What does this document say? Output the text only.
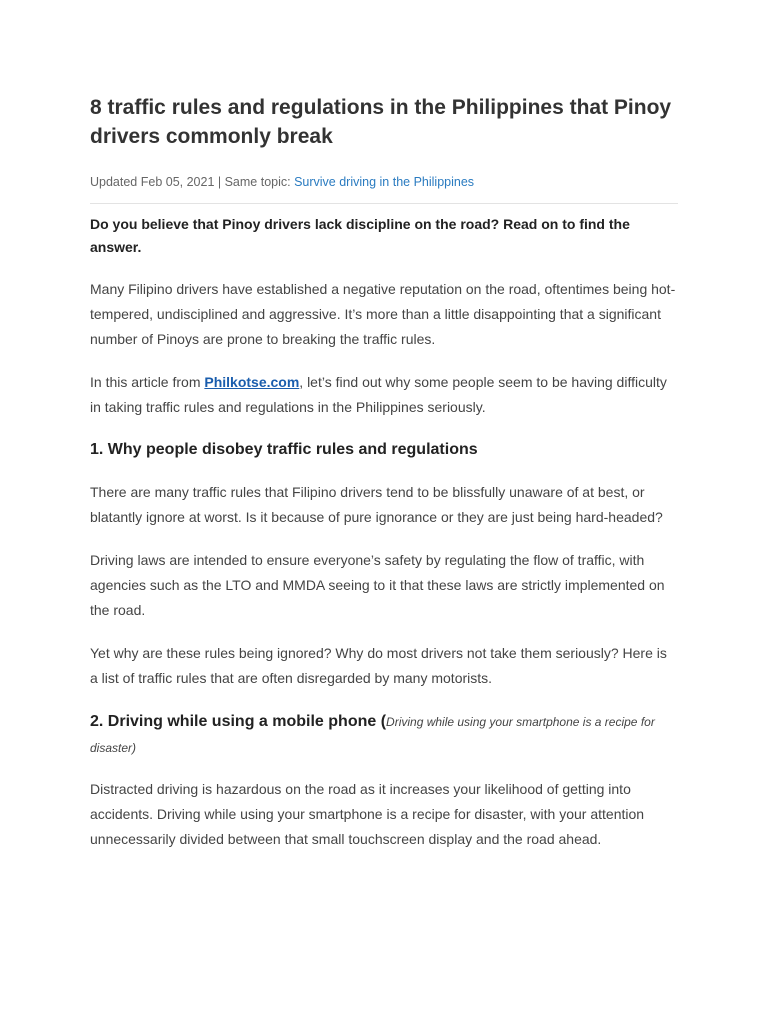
8 traffic rules and regulations in the Philippines that Pinoy drivers commonly break
Updated Feb 05, 2021 | Same topic: Survive driving in the Philippines

Do you believe that Pinoy drivers lack discipline on the road? Read on to find the answer.

Many Filipino drivers have established a negative reputation on the road, oftentimes being hot-tempered, undisciplined and aggressive. It’s more than a little disappointing that a significant number of Pinoys are prone to breaking the traffic rules.

In this article from Philkotse.com, let’s find out why some people seem to be having difficulty in taking traffic rules and regulations in the Philippines seriously.

1. Why people disobey traffic rules and regulations

There are many traffic rules that Filipino drivers tend to be blissfully unaware of at best, or blatantly ignore at worst. Is it because of pure ignorance or they are just being hard-headed?

Driving laws are intended to ensure everyone’s safety by regulating the flow of traffic, with agencies such as the LTO and MMDA seeing to it that these laws are strictly implemented on the road.

Yet why are these rules being ignored? Why do most drivers not take them seriously? Here is a list of traffic rules that are often disregarded by many motorists.

2. Driving while using a mobile phone (Driving while using your smartphone is a recipe for disaster)

Distracted driving is hazardous on the road as it increases your likelihood of getting into accidents. Driving while using your smartphone is a recipe for disaster, with your attention unnecessarily divided between that small touchscreen display and the road ahead.
